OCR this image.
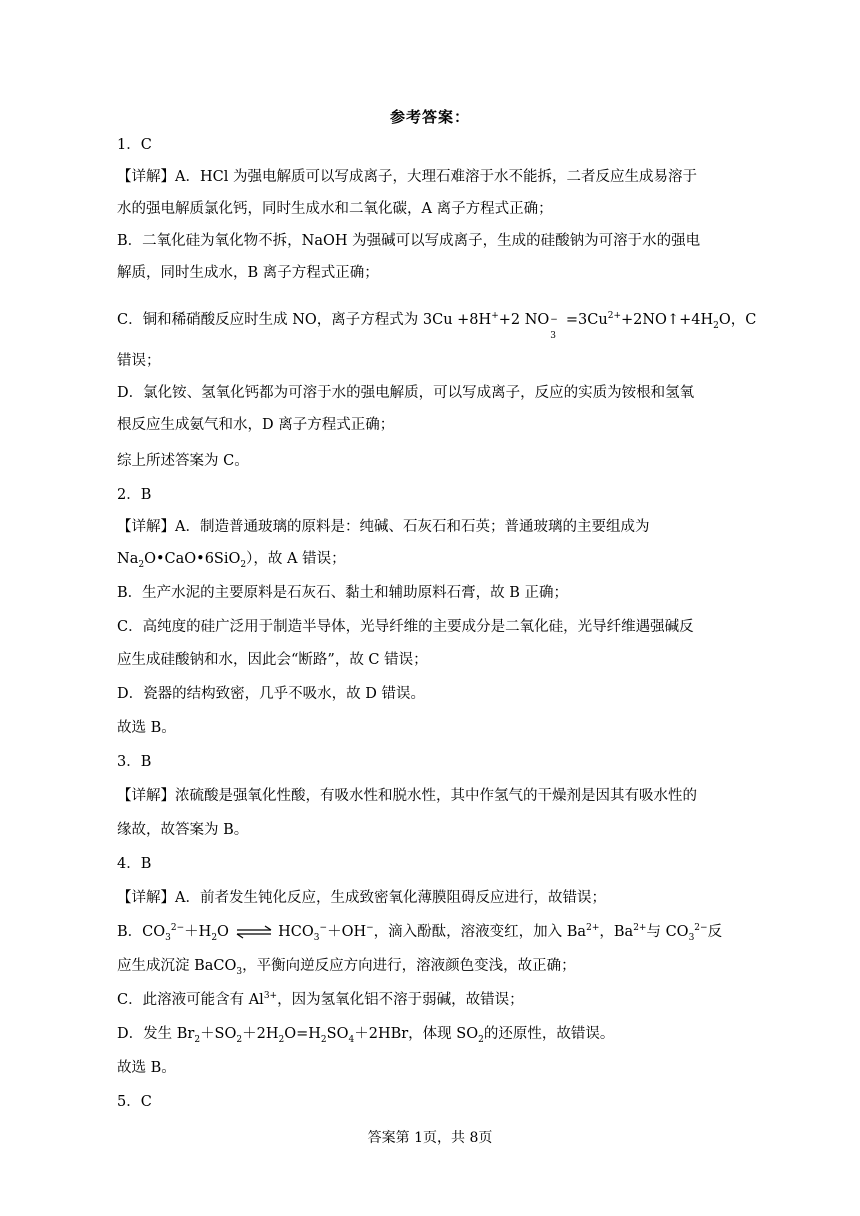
参考答案：
1．C
【详解】A．HCl 为强电解质可以写成离子，大理石难溶于水不能拆，二者反应生成易溶于
水的强电解质氯化钙，同时生成水和二氧化碳，A 离子方程式正确；
B．二氧化硅为氧化物不拆，NaOH 为强碱可以写成离子，生成的硅酸钠为可溶于水的强电
解质，同时生成水，B 离子方程式正确；
C．铜和稀硝酸反应时生成 NO，离子方程式为 3Cu +8H++2 NO −
3
$=3Cu^{2+}+2NO↑+4H_2O$，C
错误；
D．氯化铵、氢氧化钙都为可溶于水的强电解质，可以写成离子，反应的实质为铵根和氢氧
根反应生成氨气和水，D 离子方程式正确；
综上所述答案为 C。
2．B
【详解】A．制造普通玻璃的原料是：纯碱、石灰石和石英；普通玻璃的主要组成为
$Na_2O•CaO•6SiO_2$），故 A 错误；
B．生产水泥的主要原料是石灰石、黏土和辅助原料石膏，故 B 正确；
C．高纯度的硅广泛用于制造半导体，光导纤维的主要成分是二氧化硅，光导纤维遇强碱反
应生成硅酸钠和水，因此会“断路”，故 C 错误；
D．瓷器的结构致密，几乎不吸水，故 D 错误。
故选 B。
3．B
【详解】浓硫酸是强氧化性酸，有吸水性和脱水性，其中作氢气的干燥剂是因其有吸水性的
缘故，故答案为 B。
4．B
【详解】A．前者发生钝化反应，生成致密氧化薄膜阻碍反应进行，故错误；
B．$CO_3^{2-}+H_2O$ ⇌ $HCO_3^-+OH^-$，滴入酚酞，溶液变红，加入 $Ba^{2+}$，$Ba^{2+}$与 $CO_3^{2-}$反
应生成沉淀 BaCO$_3$，平衡向逆反应方向进行，溶液颜色变浅，故正确；
C．此溶液可能含有 $Al^{3+}$，因为氢氧化铝不溶于弱碱，故错误；
D．发生 $Br_2+SO_2+2H_2O=H_2SO_4+2HBr$，体现 $SO_2$的还原性，故错误。
故选 B。
5．C
答案第 1页，共 8页
